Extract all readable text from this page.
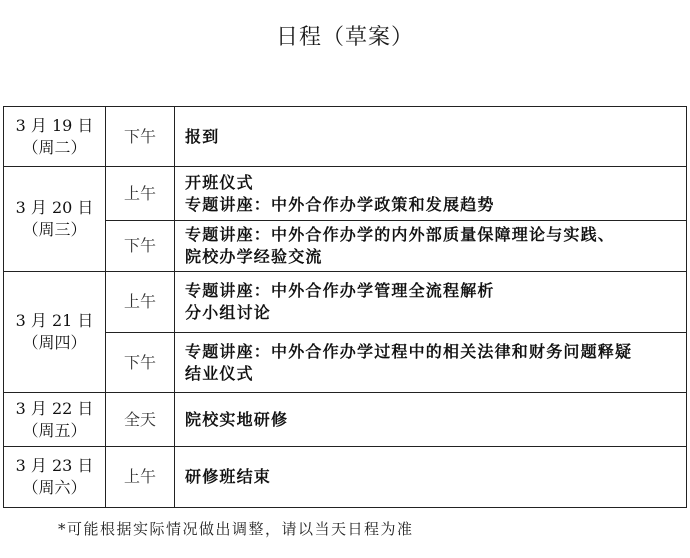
日程（草案）
3 月 19 日
（周二）	下午	报到

3 月 20 日
（周三）	上午	开班仪式
专题讲座：中外合作办学政策和发展趋势

	下午	专题讲座：中外合作办学的内外部质量保障理论与实践、
院校办学经验交流

3 月 21 日
（周四）	上午	专题讲座：中外合作办学管理全流程解析
分小组讨论

	下午	专题讲座：中外合作办学过程中的相关法律和财务问题释疑
结业仪式

3 月 22 日
（周五）	全天	院校实地研修

3 月 23 日
（周六）	上午	研修班结束
*可能根据实际情况做出调整，请以当天日程为准
